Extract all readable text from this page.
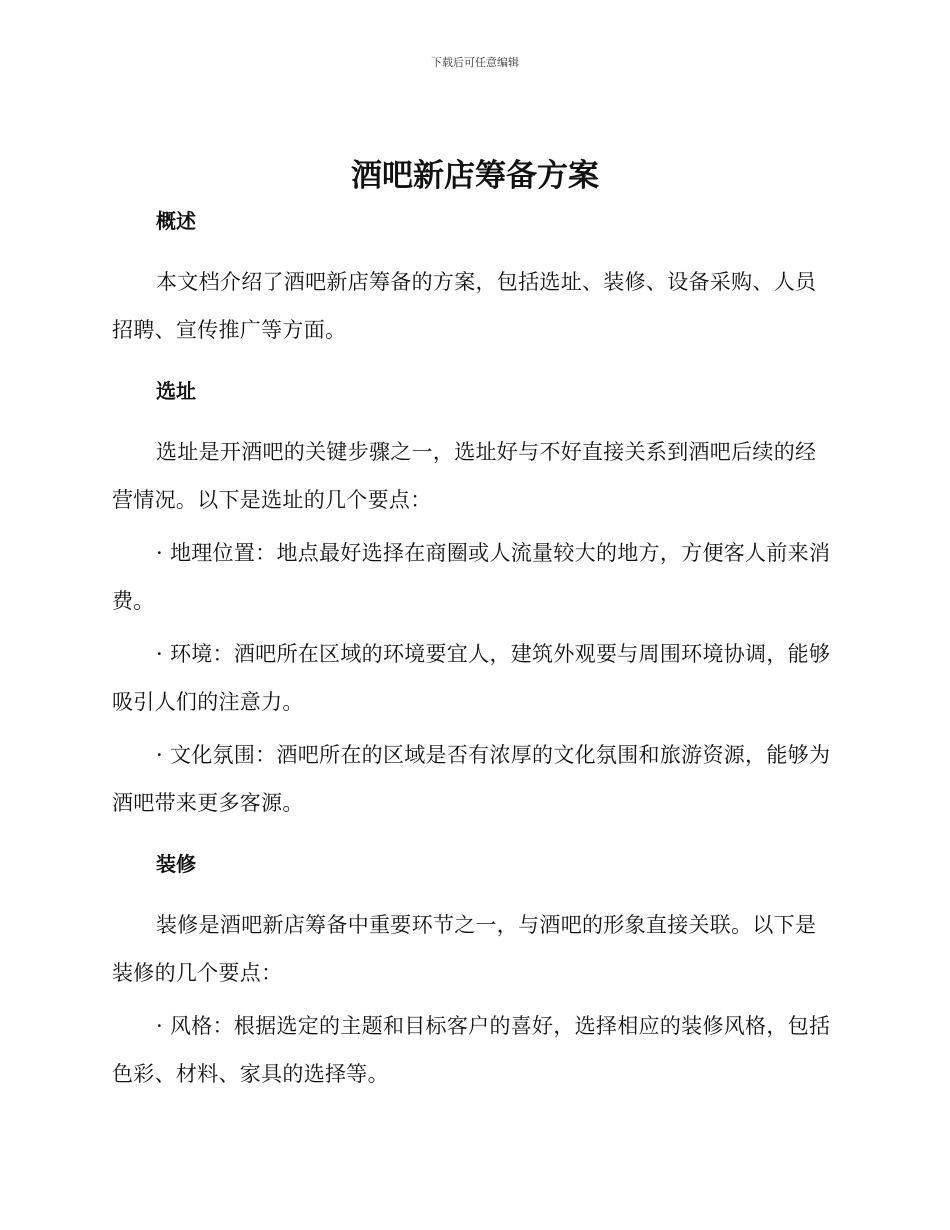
下载后可任意编辑
酒吧新店筹备方案
概述

本文档介绍了酒吧新店筹备的方案，包括选址、装修、设备采购、人员招聘、宣传推广等方面。

选址

选址是开酒吧的关键步骤之一，选址好与不好直接关系到酒吧后续的经营情况。以下是选址的几个要点：

· 地理位置：地点最好选择在商圈或人流量较大的地方，方便客人前来消费。

· 环境：酒吧所在区域的环境要宜人，建筑外观要与周围环境协调，能够吸引人们的注意力。

· 文化氛围：酒吧所在的区域是否有浓厚的文化氛围和旅游资源，能够为酒吧带来更多客源。

装修

装修是酒吧新店筹备中重要环节之一，与酒吧的形象直接关联。以下是装修的几个要点：

· 风格：根据选定的主题和目标客户的喜好，选择相应的装修风格，包括色彩、材料、家具的选择等。
